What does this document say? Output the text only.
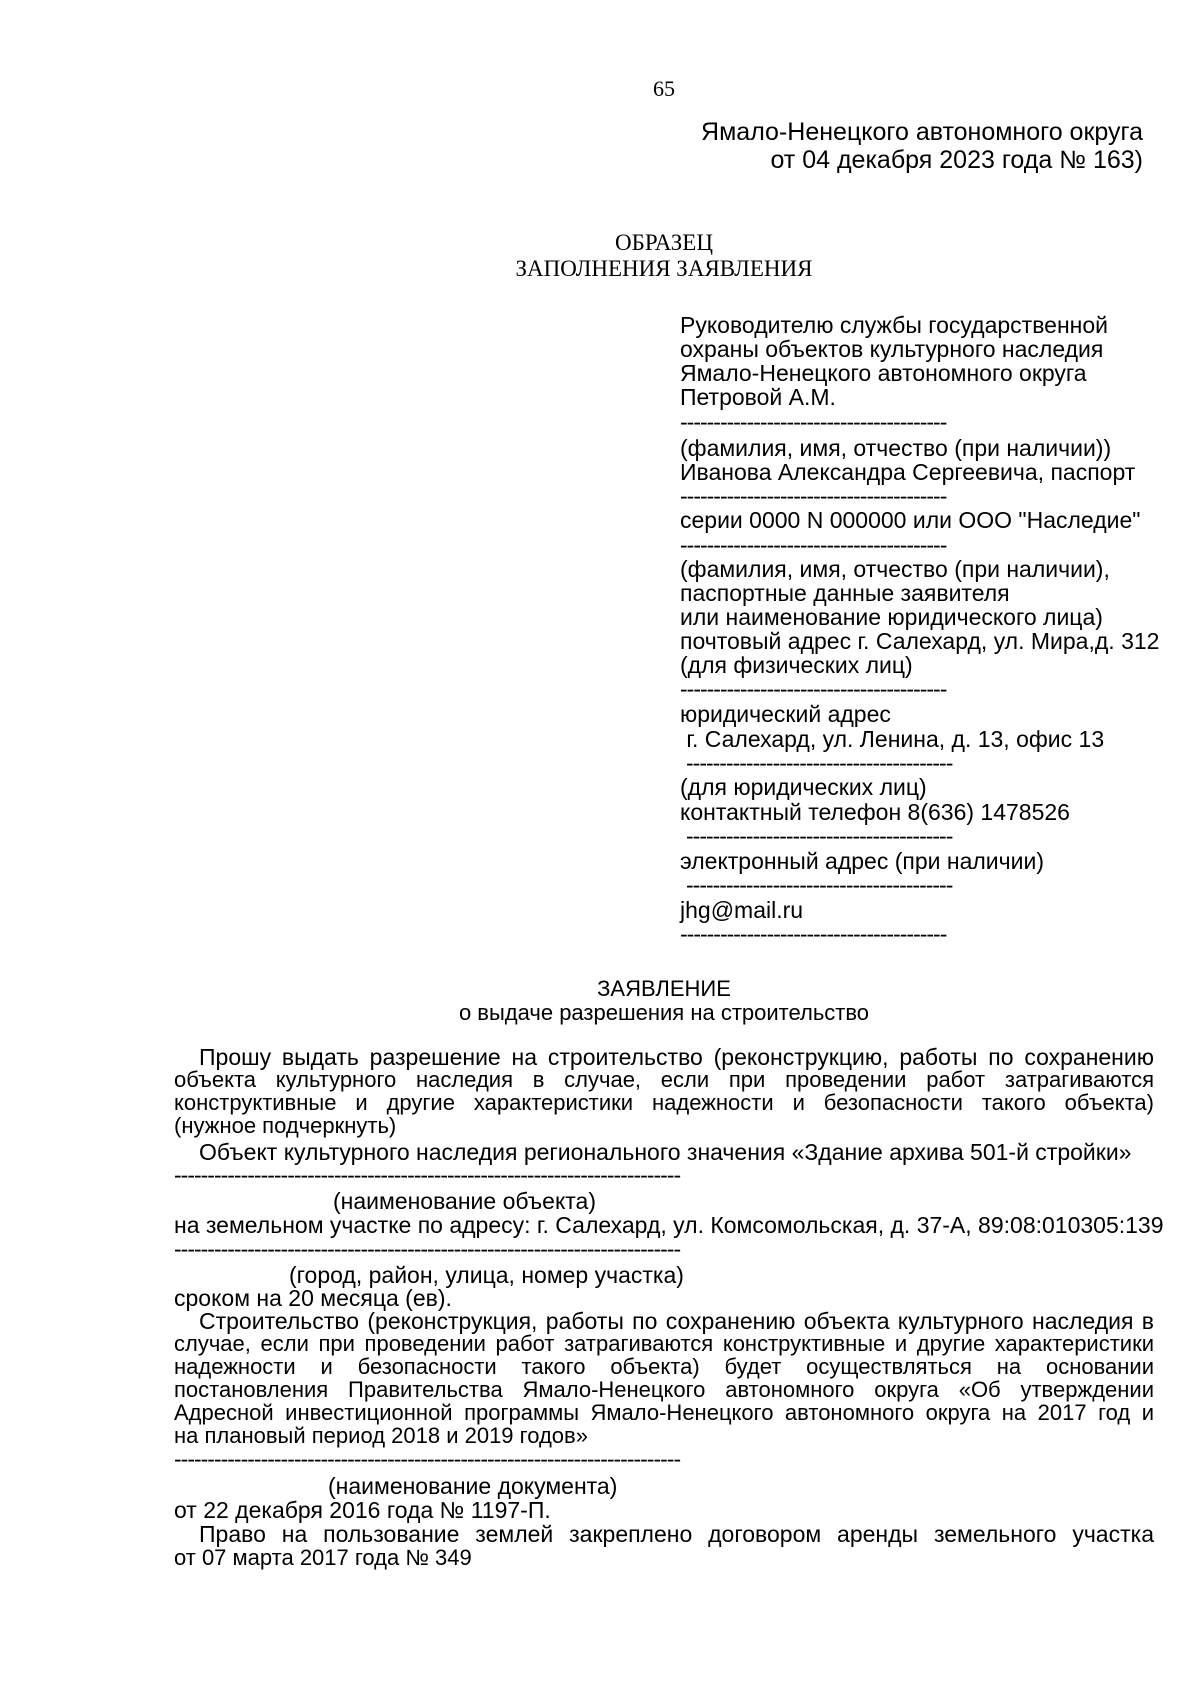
65
Ямало-Ненецкого автономного округа
от 04 декабря 2023 года № 163)
ОБРАЗЕЦ
ЗАПОЛНЕНИЯ ЗАЯВЛЕНИЯ
Руководителю службы государственной
охраны объектов культурного наследия
Ямало-Ненецкого автономного округа
Петровой А.М.
----------------------------------------
(фамилия, имя, отчество (при наличии))
Иванова Александра Сергеевича, паспорт
----------------------------------------
серии 0000 N 000000 или ООО "Наследие"
----------------------------------------
(фамилия, имя, отчество (при наличии),
паспортные данные заявителя
или наименование юридического лица)
почтовый адрес г. Салехард, ул. Мира,д. 312
(для физических лиц)
----------------------------------------
юридический адрес
г. Салехард, ул. Ленина, д. 13, офис 13
----------------------------------------
(для юридических лиц)
контактный телефон 8(636) 1478526
----------------------------------------
электронный адрес (при наличии)
----------------------------------------
jhg@mail.ru
----------------------------------------
ЗАЯВЛЕНИЕ
о выдаче разрешения на строительство
Прошу выдать разрешение на строительство (реконструкцию, работы по сохранению
объекта культурного наследия в случае, если при проведении работ затрагиваются
конструктивные и другие характеристики надежности и безопасности такого объекта)
(нужное подчеркнуть)
Объект культурного наследия регионального значения «Здание архива 501-й стройки»
----------------------------------------------------------------------------
(наименование объекта)
на земельном участке по адресу: г. Салехард, ул. Комсомольская, д. 37-А, 89:08:010305:139
----------------------------------------------------------------------------
(город, район, улица, номер участка)
сроком на 20 месяца (ев).
Строительство (реконструкция, работы по сохранению объекта культурного наследия в
случае, если при проведении работ затрагиваются конструктивные и другие характеристики
надежности и безопасности такого объекта) будет осуществляться на основании
постановления Правительства Ямало-Ненецкого автономного округа «Об утверждении
Адресной инвестиционной программы Ямало-Ненецкого автономного округа на 2017 год и
на плановый период 2018 и 2019 годов»
----------------------------------------------------------------------------
(наименование документа)
от 22 декабря 2016 года № 1197-П.
Право на пользование землей закреплено договором аренды земельного участка
от 07 марта 2017 года № 349
